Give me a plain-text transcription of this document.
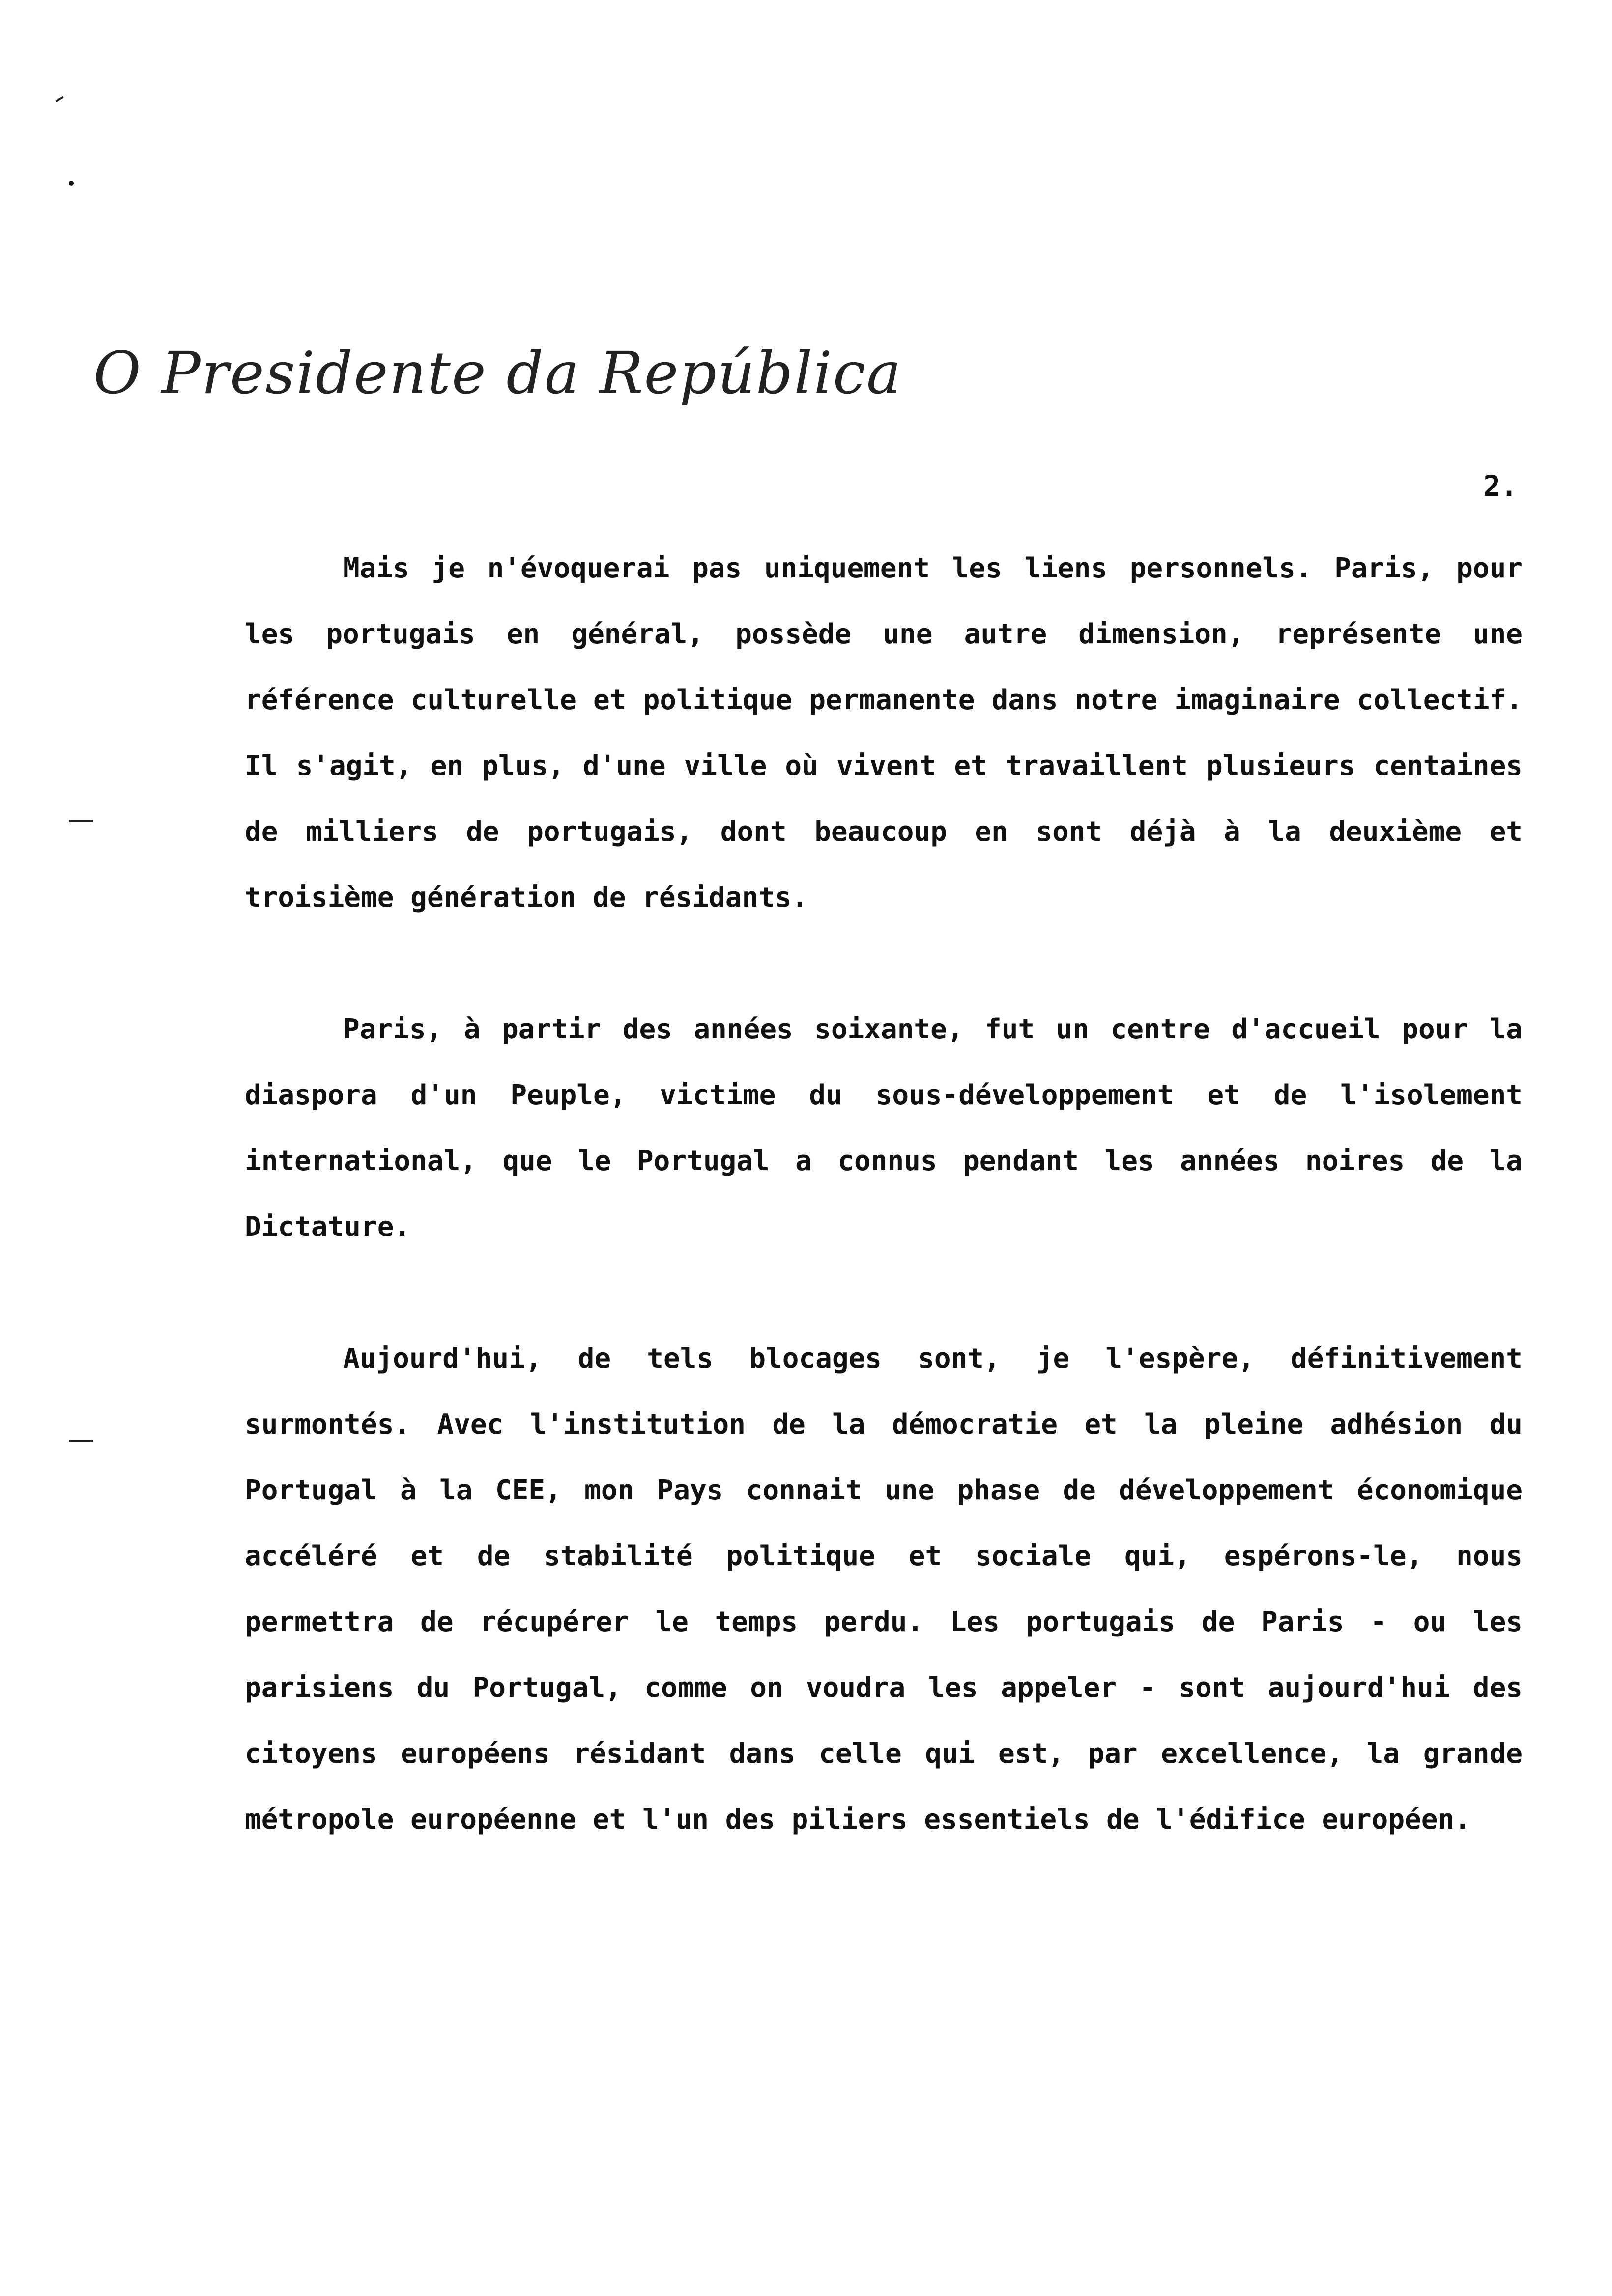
O Presidente da República
2.

Mais je n'évoquerai pas uniquement les liens personnels. Paris, pour les portugais en général, possède une autre dimension, représente une référence culturelle et politique permanente dans notre imaginaire collectif. Il s'agit, en plus, d'une ville où vivent et travaillent plusieurs centaines de milliers de portugais, dont beaucoup en sont déjà à la deuxième et troisième génération de résidants.

Paris, à partir des années soixante, fut un centre d'accueil pour la diaspora d'un Peuple, victime du sous-développement et de l'isolement international, que le Portugal a connus pendant les années noires de la Dictature.

Aujourd'hui, de tels blocages sont, je l'espère, définitivement surmontés. Avec l'institution de la démocratie et la pleine adhésion du Portugal à la CEE, mon Pays connait une phase de développement économique accéléré et de stabilité politique et sociale qui, espérons-le, nous permettra de récupérer le temps perdu. Les portugais de Paris - ou les parisiens du Portugal, comme on voudra les appeler - sont aujourd'hui des citoyens européens résidant dans celle qui est, par excellence, la grande métropole européenne et l'un des piliers essentiels de l'édifice européen.
